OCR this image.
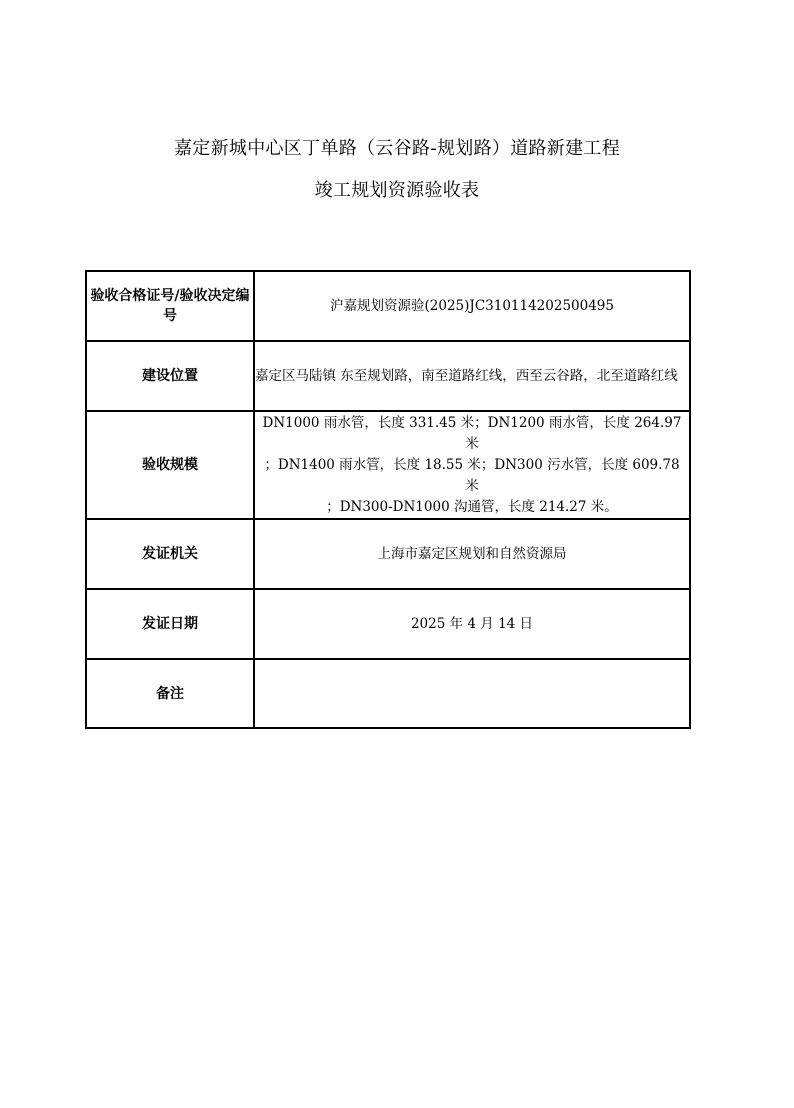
嘉定新城中心区丁单路（云谷路-规划路）道路新建工程
竣工规划资源验收表
验收合格证号/验收决定编号	沪嘉规划资源验(2025)JC310114202500495
建设位置	嘉定区马陆镇 东至规划路，南至道路红线，西至云谷路，北至道路红线
验收规模	DN1000 雨水管，长度 331.45 米；DN1200 雨水管，长度 264.97
米
；DN1400 雨水管，长度 18.55 米；DN300 污水管，长度 609.78
米
；DN300-DN1000 沟通管，长度 214.27 米。

发证机关	上海市嘉定区规划和自然资源局
发证日期	2025 年 4 月 14 日
备注	
